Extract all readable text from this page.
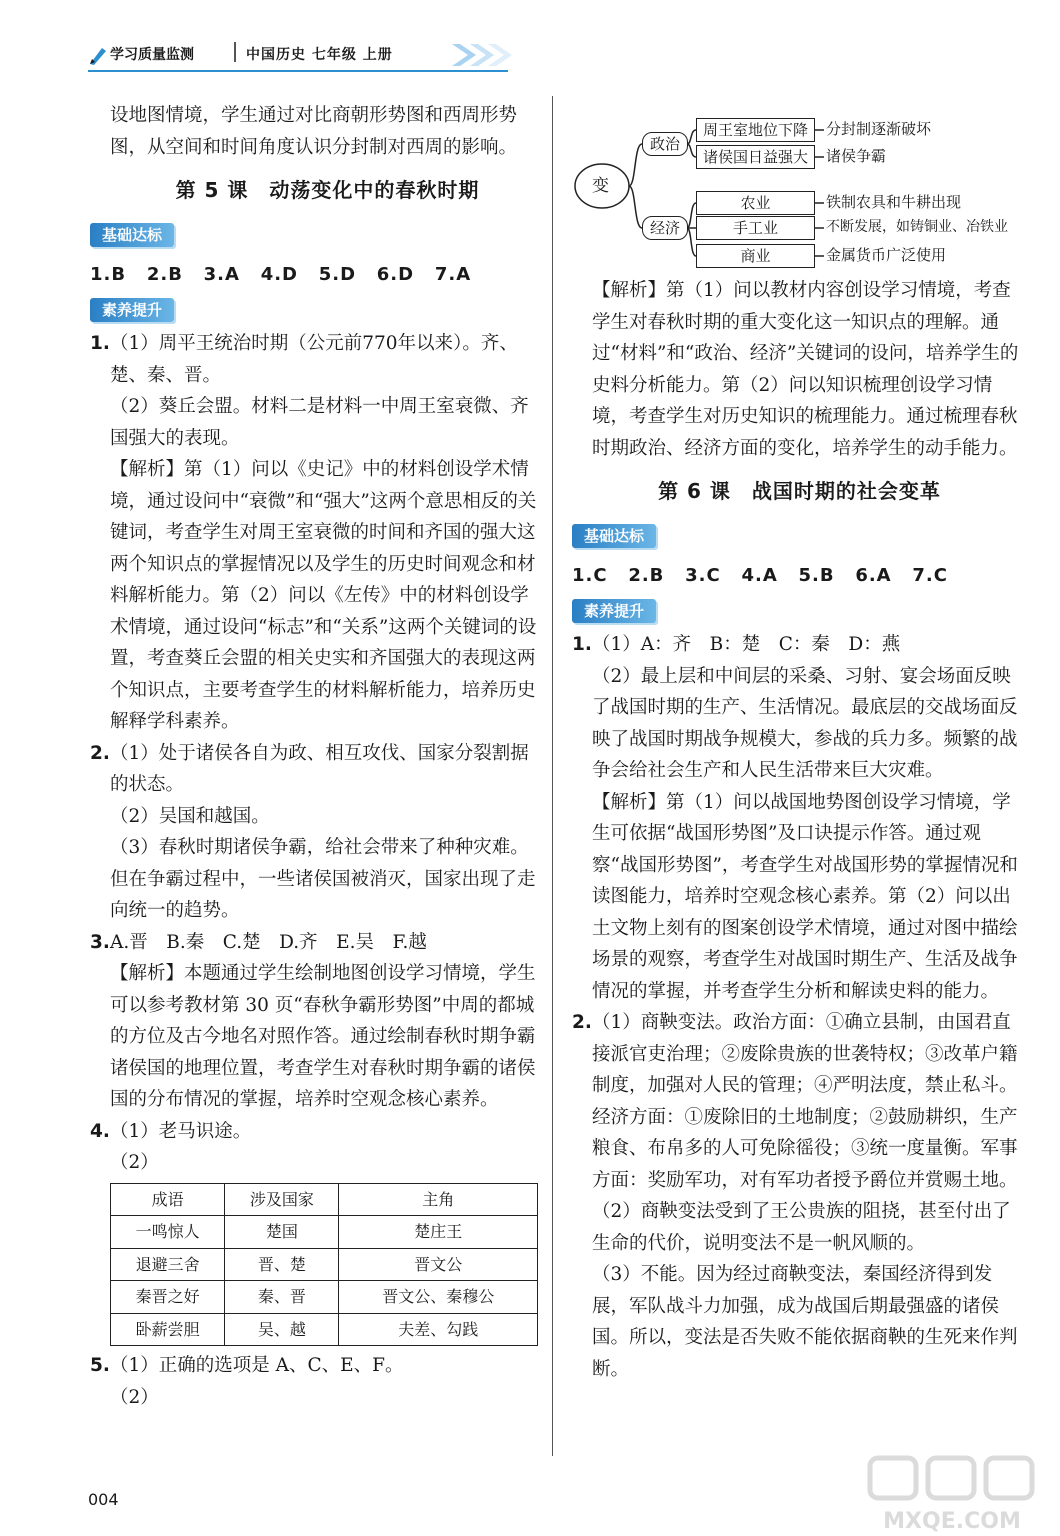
学习质量监测	中国历史 七年级 上册

设地图情境，学生通过对比商朝形势图和西周形势图，从空间和时间角度认识分封制对西周的影响。

第 5 课　动荡变化中的春秋时期
基础达标
1.B 2.B 3.A 4.D 5.D 6.D 7.A
素养提升

1.（1）周平王统治时期（公元前770年以来）。齐、楚、秦、晋。

（2）葵丘会盟。材料二是材料一中周王室衰微、齐国强大的表现。

【解析】第（1）问以《史记》中的材料创设学术情境，通过设问中“衰微”和“强大”这两个意思相反的关键词，考查学生对周王室衰微的时间和齐国的强大这两个知识点的掌握情况以及学生的历史时间观念和材料解析能力。第（2）问以《左传》中的材料创设学术情境，通过设问“标志”和“关系”这两个关键词的设置，考查葵丘会盟的相关史实和齐国强大的表现这两个知识点，主要考查学生的材料解析能力，培养历史解释学科素养。

2.（1）处于诸侯各自为政、相互攻伐、国家分裂割据的状态。

（2）吴国和越国。

（3）春秋时期诸侯争霸，给社会带来了种种灾难。但在争霸过程中，一些诸侯国被消灭，国家出现了走向统一的趋势。

3.A.晋　B.秦　C.楚　D.齐　E.吴　F.越

【解析】本题通过学生绘制地图创设学习情境，学生可以参考教材第 30 页“春秋争霸形势图”中周的都城的方位及古今地名对照作答。通过绘制春秋时期争霸诸侯国的地理位置，考查学生对春秋时期争霸的诸侯国的分布情况的掌握，培养时空观念核心素养。

4.（1）老马识途。

（2）

成语	涉及国家	主角
一鸣惊人	楚国	楚庄王
退避三舍	晋、楚	晋文公
秦晋之好	秦、晋	晋文公、秦穆公
卧薪尝胆	吴、越	夫差、勾践

5.（1）正确的选项是 A、C、E、F。

（2）

变
政治
经济
周王室地位下降
诸侯国日益强大
农业
手工业
商业
分封制逐渐破坏
诸侯争霸
铁制农具和牛耕出现
不断发展，如铸铜业、冶铁业
金属货币广泛使用

【解析】第（1）问以教材内容创设学习情境，考查学生对春秋时期的重大变化这一知识点的理解。通过“材料”和“政治、经济”关键词的设问，培养学生的史料分析能力。第（2）问以知识梳理创设学习情境，考查学生对历史知识的梳理能力。通过梳理春秋时期政治、经济方面的变化，培养学生的动手能力。

第 6 课　战国时期的社会变革
基础达标
1.C 2.B 3.C 4.A 5.B 6.A 7.C
素养提升

1.（1）A：齐　B：楚　C：秦　D：燕

（2）最上层和中间层的采桑、习射、宴会场面反映了战国时期的生产、生活情况。最底层的交战场面反映了战国时期战争规模大，参战的兵力多。频繁的战争会给社会生产和人民生活带来巨大灾难。

【解析】第（1）问以战国地势图创设学习情境，学生可依据“战国形势图”及口诀提示作答。通过观察“战国形势图”，考查学生对战国形势的掌握情况和读图能力，培养时空观念核心素养。第（2）问以出土文物上刻有的图案创设学术情境，通过对图中描绘场景的观察，考查学生对战国时期生产、生活及战争情况的掌握，并考查学生分析和解读史料的能力。

2.（1）商鞅变法。政治方面：①确立县制，由国君直接派官吏治理；②废除贵族的世袭特权；③改革户籍制度，加强对人民的管理；④严明法度，禁止私斗。经济方面：①废除旧的土地制度；②鼓励耕织，生产粮食、布帛多的人可免除徭役；③统一度量衡。军事方面：奖励军功，对有军功者授予爵位并赏赐土地。

（2）商鞅变法受到了王公贵族的阻挠，甚至付出了生命的代价，说明变法不是一帆风顺的。

（3）不能。因为经过商鞅变法，秦国经济得到发展，军队战斗力加强，成为战国后期最强盛的诸侯国。所以，变法是否失败不能依据商鞅的生死来作判断。

004
MXQE.COM
